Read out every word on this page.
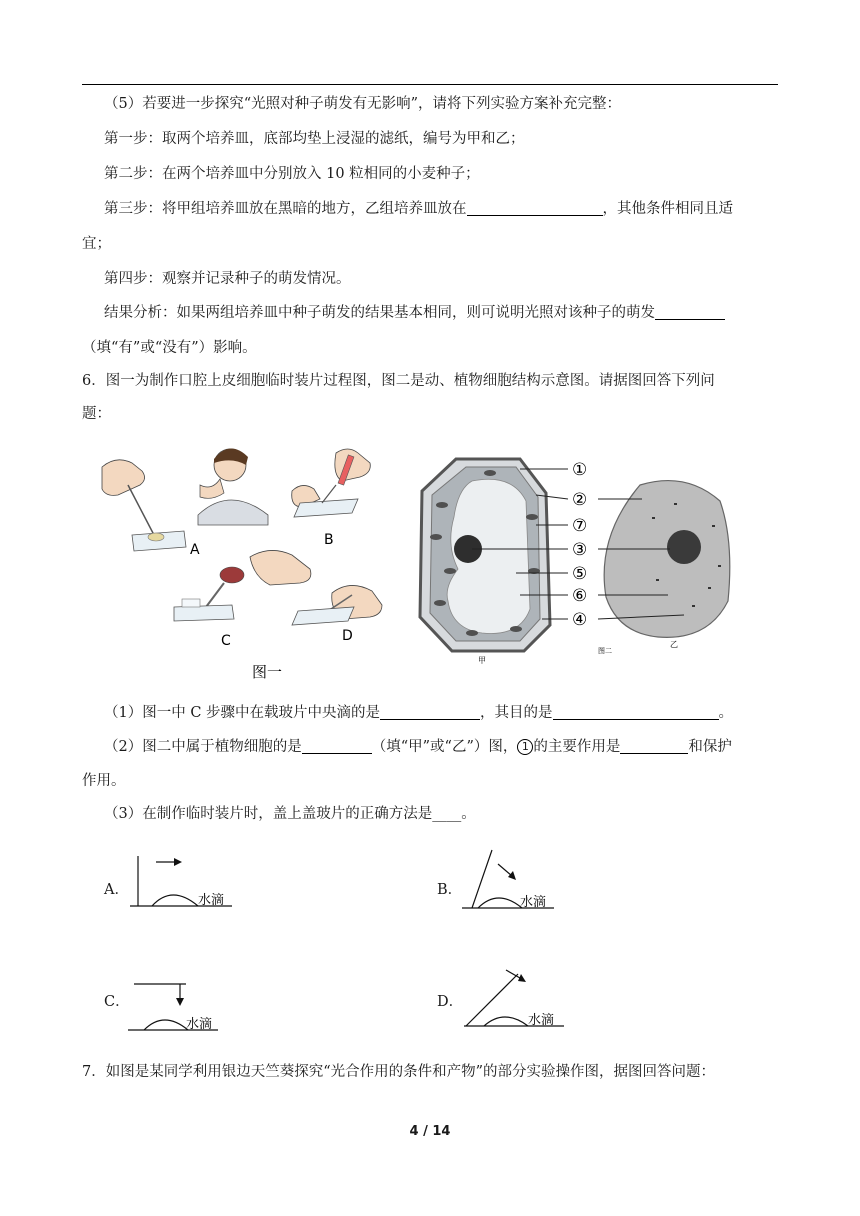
（5）若要进一步探究“光照对种子萌发有无影响”，请将下列实验方案补充完整：
第一步：取两个培养皿，底部均垫上浸湿的滤纸，编号为甲和乙；
第二步：在两个培养皿中分别放入 10 粒相同的小麦种子；
第三步：将甲组培养皿放在黑暗的地方，乙组培养皿放在	，其他条件相同且适
宜；
第四步：观察并记录种子的萌发情况。
结果分析：如果两组培养皿中种子萌发的结果基本相同，则可说明光照对该种子的萌发
（填“有”或“没有”）影响。
6．图一为制作口腔上皮细胞临时装片过程图，图二是动、植物细胞结构示意图。请据图回答下列问
题：
A
B
C	D
图一
①
②
⑦
③
⑤
⑥
④
甲
图二
乙
（1）图一中 C 步骤中在载玻片中央滴的是	，其目的是	。
（2）图二中属于植物细胞的是	（填“甲”或“乙”）图， 1 的主要作用是	和保护
作用。
（3）在制作临时装片时，盖上盖玻片的正确方法是____。
A．
水滴
B．
水滴
C．
水滴
D．
水滴
7．如图是某同学利用银边天竺葵探究“光合作用的条件和产物”的部分实验操作图，据图回答问题：
4 / 14
